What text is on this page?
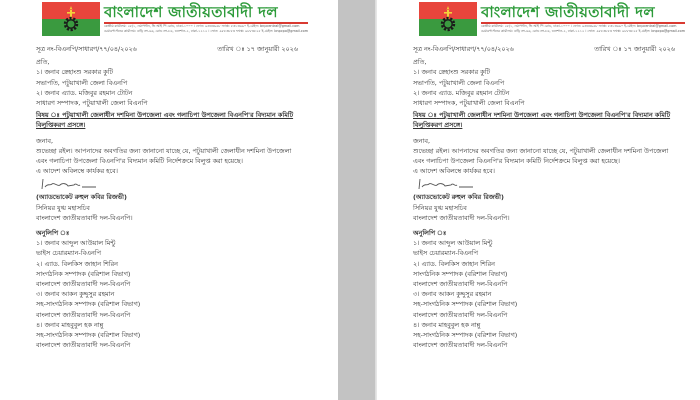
বাংলাদেশ জাতীয়তাবাদী দল
কেন্দ্রীয় কার্যালয়: ২৮/১, নয়াপল্টন, ভি আই পি রোড, ঢাকা-১০০০ । ফোন: ৯৩৩৩৬৬৮ ফ্যাক্স: ৮৩১৩৬৬০ ই-মেইল: bnpcentral@gmail.com
চেয়ারপার্সনের কার্যালয়: বাড়ি নং-৬৬, রোড নং-৮৬, গুলশান-২, ঢাকা-১২১২ । ফোন: ৯৮৮৩৮৫৩ ফ্যাক্স: ৯৮৮৩৮২৫ ই-মেইল: bnpcpo@gmail.com
সূত্র নং-বিএনপি/সাধারণ/৭৭/০৪/২০২৬	তারিখ ঃ ১৭ জানুয়ারী ২০২৬
প্রতি,
১। জনাব স্নেহাংশু সরকার কুটি
সভাপতি, পটুয়াখালী জেলা বিএনপি
২। জনাব এ্যাড. মজিবুর রহমান টোটন
সাধারণ সম্পাদক, পটুয়াখালী জেলা বিএনপি
বিষয় ঃ পটুয়াখালী জেলাধীন দশমিনা উপজেলা এবং গলাচিপা উপজেলা বিএনপি'র বিদ্যমান কমিটি বিলুপ্তিকরণ প্রসঙ্গে।
জনাব,
শুভেচ্ছা রইল। আপনাদের অবগতির জন্য জানানো যাচ্ছে যে, পটুয়াখালী জেলাধীন দশমিনা উপজেলা এবং গলাচিপা উপজেলা বিএনপি'র বিদ্যমান কমিটি নির্দেশক্রমে বিলুপ্ত করা হয়েছে।
এ আদেশ অবিলম্বে কার্যকর হবে।
(অ্যাডভোকেট রুহুল কবির রিজভী)
সিনিয়র যুগ্ম মহাসচিব
বাংলাদেশ জাতীয়তাবাদী দল-বিএনপি।
অনুলিপি ঃ
১। জনাব আব্দুল আউয়াল মিন্টু
ভাইস চেয়ারম্যান-বিএনপি
২। এ্যাড. বিলকিস জাহান শিরিন
সাংগঠনিক সম্পাদক (বরিশাল বিভাগ)
বাংলাদেশ জাতীয়তাবাদী দল-বিএনপি
৩। জনাব আকন কুদ্দুসুর রহমান
সহ-সাংগঠনিক সম্পাদক (বরিশাল বিভাগ)
বাংলাদেশ জাতীয়তাবাদী দল-বিএনপি
৪। জনাব মাহবুবুল হক নান্নু
সহ-সাংগঠনিক সম্পাদক (বরিশাল বিভাগ)
বাংলাদেশ জাতীয়তাবাদী দল-বিএনপি
বাংলাদেশ জাতীয়তাবাদী দল
কেন্দ্রীয় কার্যালয়: ২৮/১, নয়াপল্টন, ভি আই পি রোড, ঢাকা-১০০০ । ফোন: ৯৩৩৩৬৬৮ ফ্যাক্স: ৮৩১৩৬৬০ ই-মেইল: bnpcentral@gmail.com
চেয়ারপার্সনের কার্যালয়: বাড়ি নং-৬৬, রোড নং-৮৬, গুলশান-২, ঢাকা-১২১২ । ফোন: ৯৮৮৩৮৫৩ ফ্যাক্স: ৯৮৮৩৮২৫ ই-মেইল: bnpcpo@gmail.com
সূত্র নং-বিএনপি/সাধারণ/৭৭/০৪/২০২৬	তারিখ ঃ ১৭ জানুয়ারী ২০২৬
প্রতি,
১। জনাব স্নেহাংশু সরকার কুটি
সভাপতি, পটুয়াখালী জেলা বিএনপি
২। জনাব এ্যাড. মজিবুর রহমান টোটন
সাধারণ সম্পাদক, পটুয়াখালী জেলা বিএনপি
বিষয় ঃ পটুয়াখালী জেলাধীন দশমিনা উপজেলা এবং গলাচিপা উপজেলা বিএনপি'র বিদ্যমান কমিটি বিলুপ্তিকরণ প্রসঙ্গে।
জনাব,
শুভেচ্ছা রইল। আপনাদের অবগতির জন্য জানানো যাচ্ছে যে, পটুয়াখালী জেলাধীন দশমিনা উপজেলা এবং গলাচিপা উপজেলা বিএনপি'র বিদ্যমান কমিটি নির্দেশক্রমে বিলুপ্ত করা হয়েছে।
এ আদেশ অবিলম্বে কার্যকর হবে।
(অ্যাডভোকেট রুহুল কবির রিজভী)
সিনিয়র যুগ্ম মহাসচিব
বাংলাদেশ জাতীয়তাবাদী দল-বিএনপি।
অনুলিপি ঃ
১। জনাব আব্দুল আউয়াল মিন্টু
ভাইস চেয়ারম্যান-বিএনপি
২। এ্যাড. বিলকিস জাহান শিরিন
সাংগঠনিক সম্পাদক (বরিশাল বিভাগ)
বাংলাদেশ জাতীয়তাবাদী দল-বিএনপি
৩। জনাব আকন কুদ্দুসুর রহমান
সহ-সাংগঠনিক সম্পাদক (বরিশাল বিভাগ)
বাংলাদেশ জাতীয়তাবাদী দল-বিএনপি
৪। জনাব মাহবুবুল হক নান্নু
সহ-সাংগঠনিক সম্পাদক (বরিশাল বিভাগ)
বাংলাদেশ জাতীয়তাবাদী দল-বিএনপি
